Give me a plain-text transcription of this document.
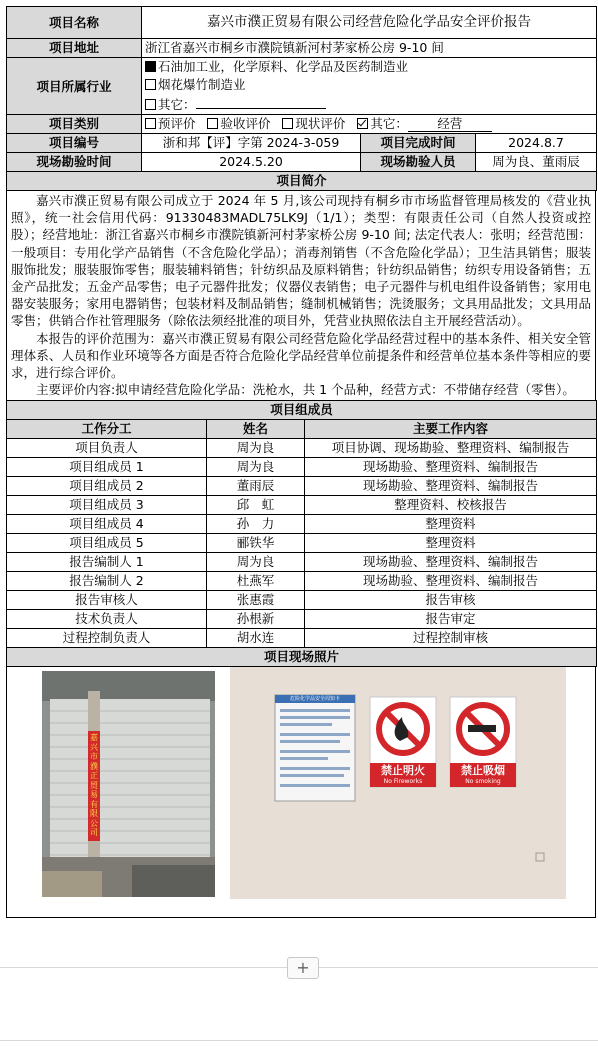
项目名称	嘉兴市濮正贸易有限公司经营危险化学品安全评价报告		
项目地址	浙江省嘉兴市桐乡市濮院镇新河村茅家桥公房 9-10 间		
项目所属行业	石油加工业，化学原料、化学品及医药制造业
烟花爆竹制造业
其它：		

项目类别	预评价 验收评价 现状评价 其它： 经营		
项目编号	浙和邦【评】字第 2024-3-059	项目完成时间	2024.8.7
现场勘验时间	2024.5.20	现场勘验人员	周为良、董雨辰
项目简介			

嘉兴市濮正贸易有限公司成立于 2024 年 5 月,该公司现持有桐乡市市场监督管理局核发的《营业执照》，统一社会信用代码：91330483MADL75LK9J（1/1）；类型：有限责任公司（自然人投资或控股）；经营地址：浙江省嘉兴市桐乡市濮院镇新河村茅家桥公房 9-10 间; 法定代表人：张明；经营范围：一般项目：专用化学产品销售（不含危险化学品）；消毒剂销售（不含危险化学品）；卫生洁具销售；服装服饰批发；服装服饰零售；服装辅料销售；针纺织品及原料销售；针纺织品销售；纺织专用设备销售；五金产品批发；五金产品零售；电子元器件批发；仪器仪表销售；电子元器件与机电组件设备销售；家用电器安装服务；家用电器销售；包装材料及制品销售；缝制机械销售；洗烫服务；文具用品批发；文具用品零售；供销合作社管理服务（除依法须经批准的项目外，凭营业执照依法自主开展经营活动）。

本报告的评价范围为：嘉兴市濮正贸易有限公司经营危险化学品经营过程中的基本条件、相关安全管理体系、人员和作业环境等各方面是否符合危险化学品经营单位前提条件和经营单位基本条件等相应的要求，进行综合评价。

主要评价内容:拟申请经营危险化学品：洗枪水，共 1 个品种，经营方式：不带储存经营（零售）。

项目组成员		
工作分工	姓名	主要工作内容
项目负责人	周为良	项目协调、现场勘验、整理资料、编制报告
项目组成员 1	周为良	现场勘验、整理资料、编制报告
项目组成员 2	董雨辰	现场勘验、整理资料、编制报告
项目组成员 3	邱　虹	整理资料、校核报告
项目组成员 4	孙　力	整理资料
项目组成员 5	郦铁华	整理资料
报告编制人 1	周为良	现场勘验、整理资料、编制报告
报告编制人 2	杜燕军	现场勘验、整理资料、编制报告
报告审核人	张惠霞	报告审核
技术负责人	孙根新	报告审定
过程控制负责人	胡水连	过程控制审核
项目现场照片		
嘉兴市濮正贸易有限公司
危险化学品安全周知卡
禁止明火
No Fireworks
禁止吸烟
No smoking
+
